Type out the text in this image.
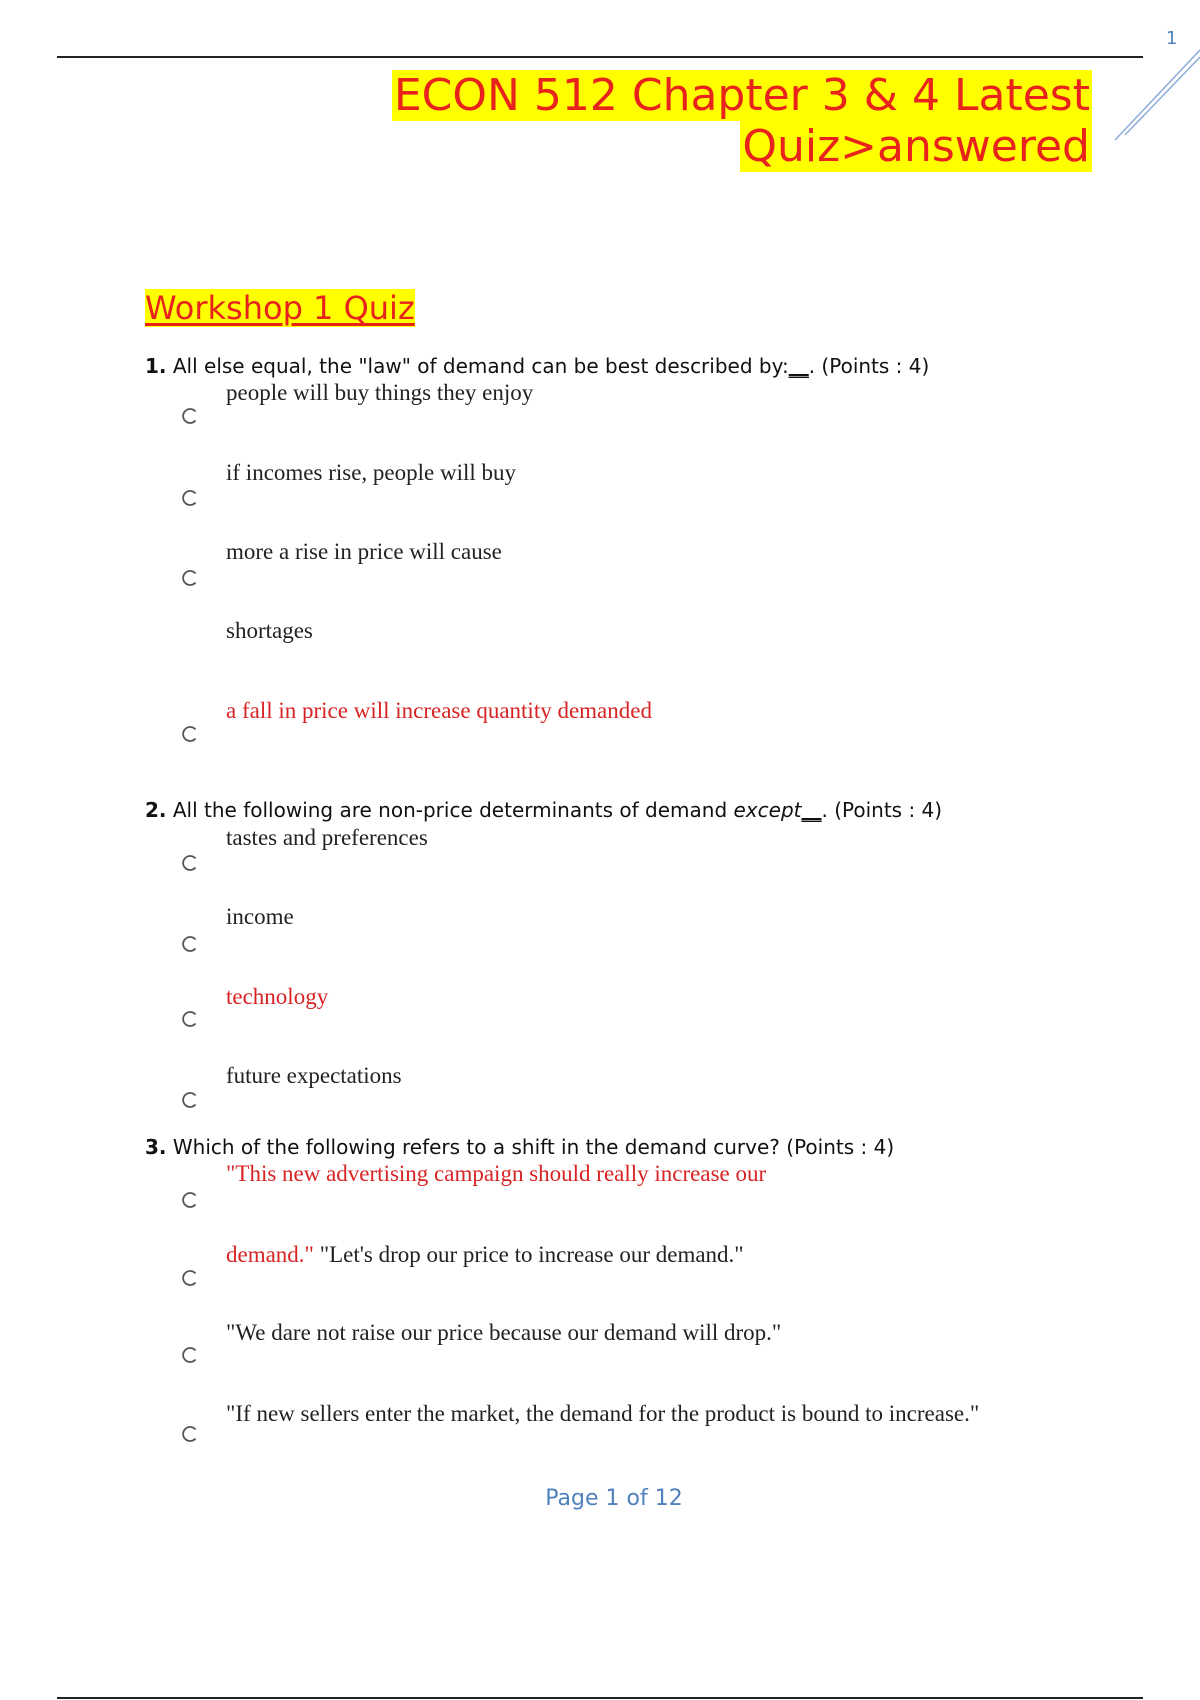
1
ECON 512 Chapter 3 & 4 Latest
Quiz>answered
Workshop 1 Quiz
1. All else equal, the "law" of demand can be best described by:__. (Points : 4)
people will buy things they enjoy
if incomes rise, people will buy
more a rise in price will cause
shortages
a fall in price will increase quantity demanded
2. All the following are non-price determinants of demand except__. (Points : 4)
tastes and preferences
income
technology
future expectations
3. Which of the following refers to a shift in the demand curve? (Points : 4)
"This new advertising campaign should really increase our
demand." "Let's drop our price to increase our demand."
"We dare not raise our price because our demand will drop."
"If new sellers enter the market, the demand for the product is bound to increase."
Page 1 of 12
